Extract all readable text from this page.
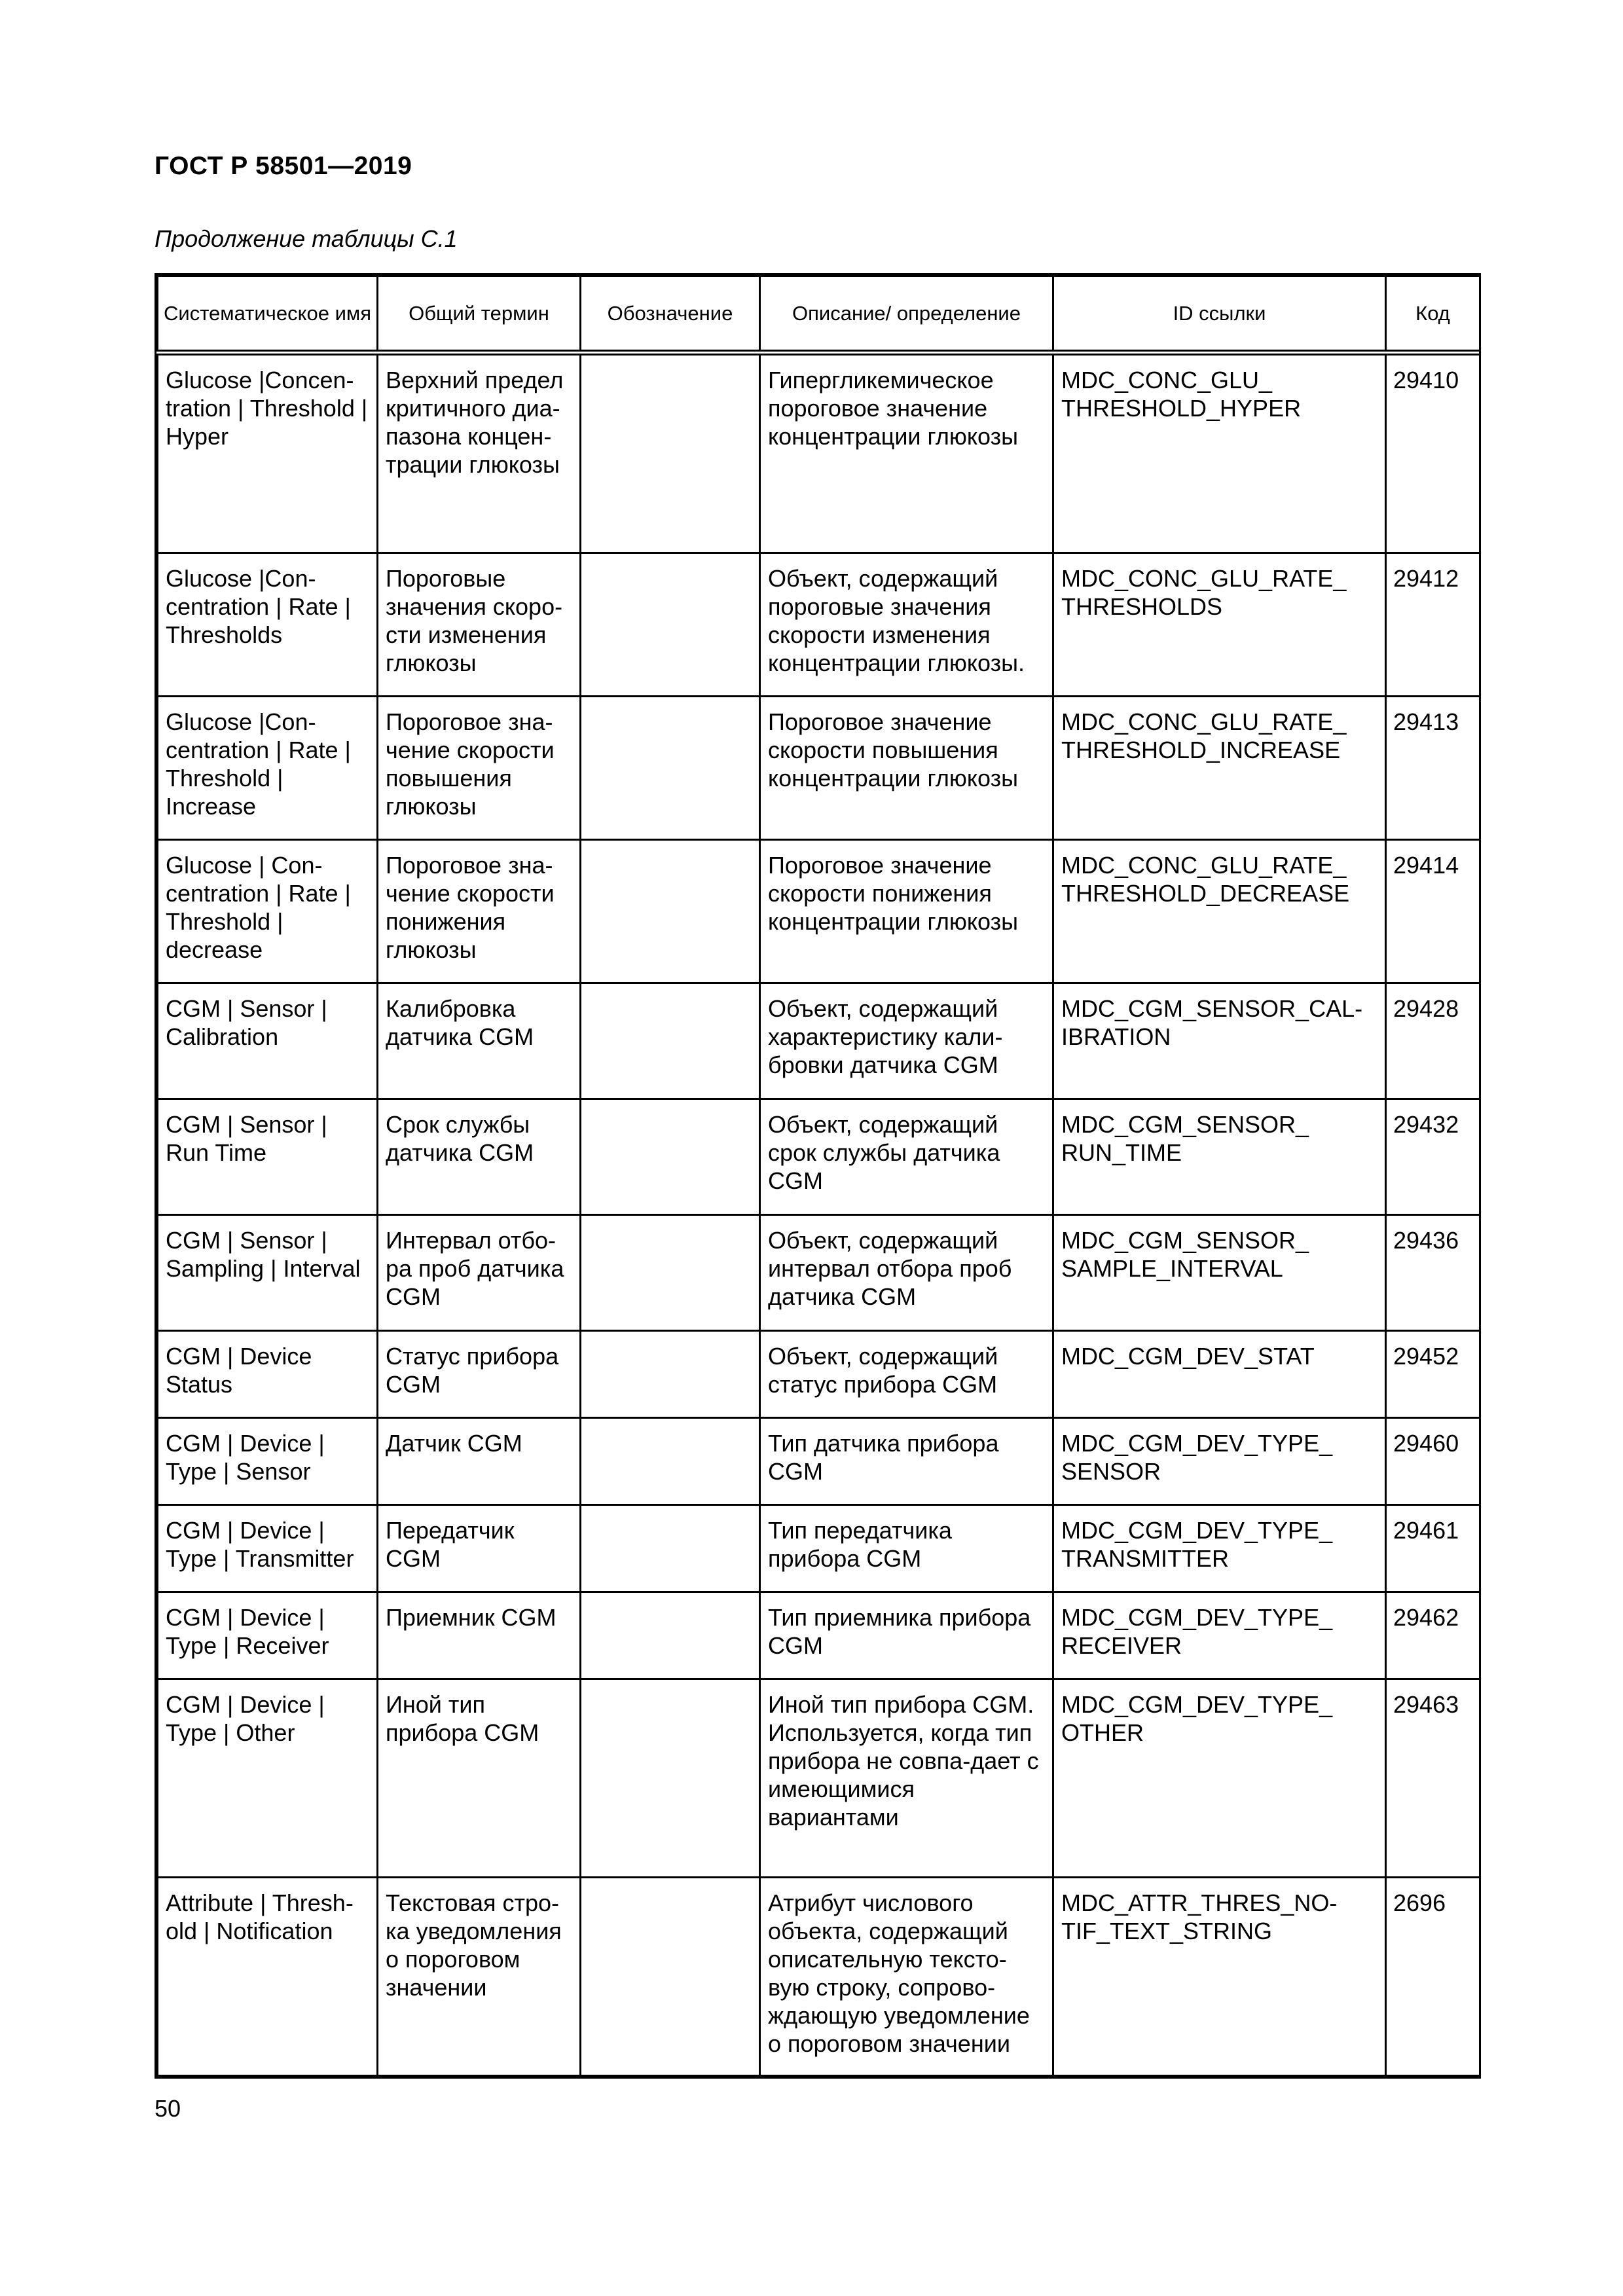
ГОСТ Р 58501—2019
Продолжение таблицы С.1
Систематическое имя	Общий термин	Обозначение	Описание/ определение	ID ссылки	Код
Glucose |Concen-tration | Threshold | Hyper	Верхний предел критичного диа-пазона концен-трации глюкозы		Гипергликемическое пороговое значение концентрации глюкозы	MDC_CONC_GLU_ THRESHOLD_HYPER	29410
Glucose |Con-centration | Rate | Thresholds	Пороговые значения скоро-сти изменения глюкозы		Объект, содержащий пороговые значения скорости изменения концентрации глюкозы.	MDC_CONC_GLU_RATE_ THRESHOLDS	29412
Glucose |Con-centration | Rate | Threshold | Increase	Пороговое зна-чение скорости повышения глюкозы		Пороговое значение скорости повышения концентрации глюкозы	MDC_CONC_GLU_RATE_ THRESHOLD_INCREASE	29413
Glucose | Con-centration | Rate | Threshold | decrease	Пороговое зна-чение скорости понижения глюкозы		Пороговое значение скорости понижения концентрации глюкозы	MDC_CONC_GLU_RATE_ THRESHOLD_DECREASE	29414
CGM | Sensor | Calibration	Калибровка датчика CGM		Объект, содержащий характеристику кали-бровки датчика CGM	MDC_CGM_SENSOR_CAL-IBRATION	29428
CGM | Sensor | Run Time	Срок службы датчика CGM		Объект, содержащий срок службы датчика CGM	MDC_CGM_SENSOR_ RUN_TIME	29432
CGM | Sensor | Sampling | Interval	Интервал отбо-ра проб датчика CGM		Объект, содержащий интервал отбора проб датчика CGM	MDC_CGM_SENSOR_ SAMPLE_INTERVAL	29436
CGM | Device Status	Статус прибора CGM		Объект, содержащий статус прибора CGM	MDC_CGM_DEV_STAT	29452
CGM | Device | Type | Sensor	Датчик CGM		Тип датчика прибора CGM	MDC_CGM_DEV_TYPE_ SENSOR	29460
CGM | Device | Type | Transmitter	Передатчик CGM		Тип передатчика прибора CGM	MDC_CGM_DEV_TYPE_ TRANSMITTER	29461
CGM | Device | Type | Receiver	Приемник CGM		Тип приемника прибора CGM	MDC_CGM_DEV_TYPE_ RECEIVER	29462
CGM | Device | Type | Other	Иной тип прибора CGM		Иной тип прибора CGM. Используется, когда тип прибора не совпа-дает с имеющимися вариантами	MDC_CGM_DEV_TYPE_ OTHER	29463
Attribute | Thresh-old | Notification	Текстовая стро-ка уведомления о пороговом значении		Атрибут числового объекта, содержащий описательную тексто-вую строку, сопрово-ждающую уведомление о пороговом значении	MDC_ATTR_THRES_NO-TIF_TEXT_STRING	2696
50
